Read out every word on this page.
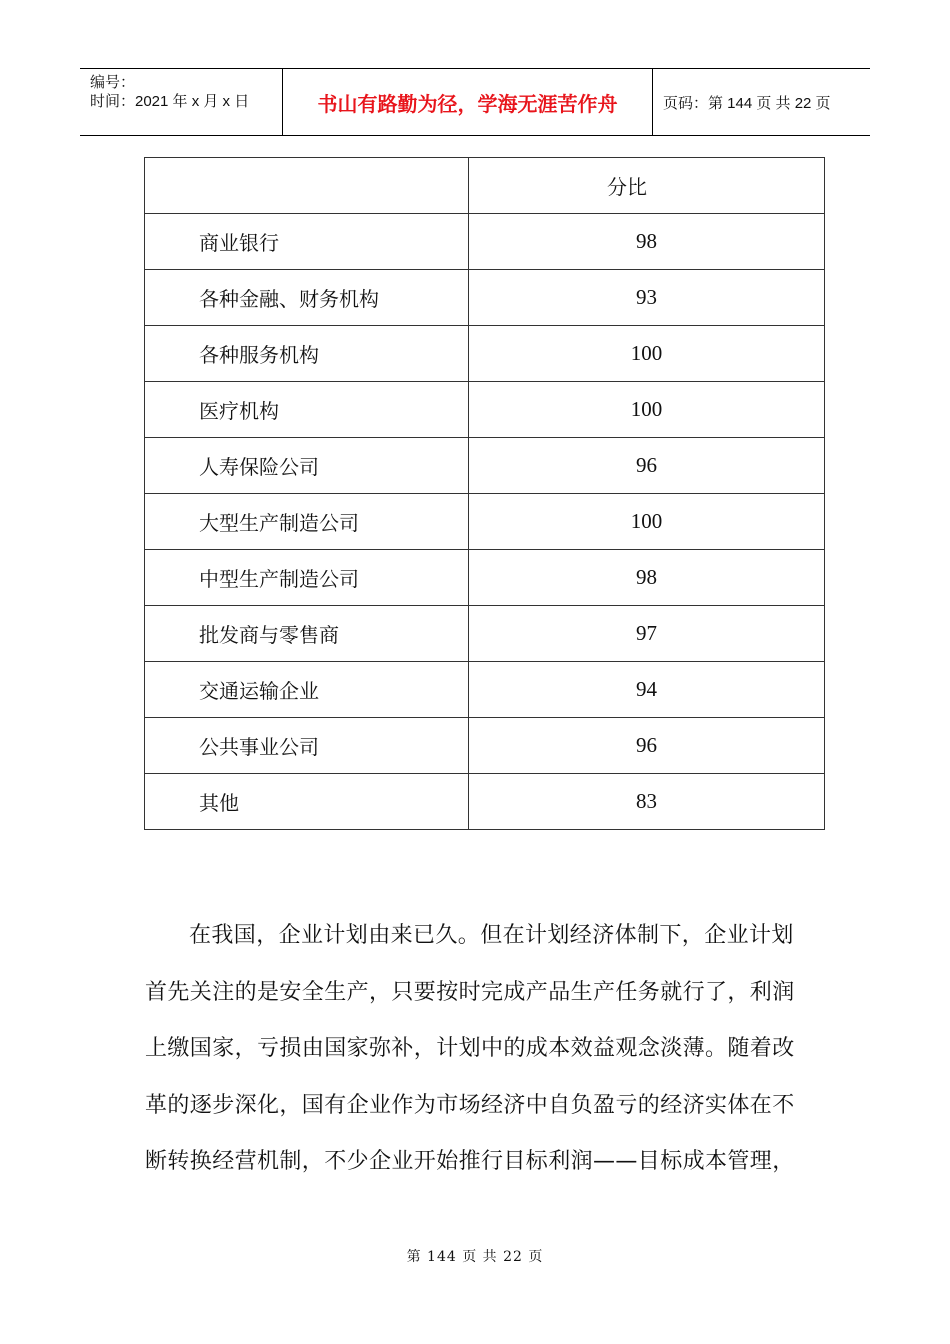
编号：
时间：2021 年 x 月 x 日	书山有路勤为径，学海无涯苦作舟	页码：第 144 页 共 22 页
	分比
商业银行	98
各种金融、财务机构	93
各种服务机构	100
医疗机构	100
人寿保险公司	96
大型生产制造公司	100
中型生产制造公司	98
批发商与零售商	97
交通运输企业	94
公共事业公司	96
其他	83
在我国，企业计划由来已久。但在计划经济体制下，企业计划
首先关注的是安全生产，只要按时完成产品生产任务就行了，利润
上缴国家，亏损由国家弥补，计划中的成本效益观念淡薄。随着改
革的逐步深化，国有企业作为市场经济中自负盈亏的经济实体在不
断转换经营机制，不少企业开始推行目标利润——目标成本管理，
第 144 页 共 22 页
